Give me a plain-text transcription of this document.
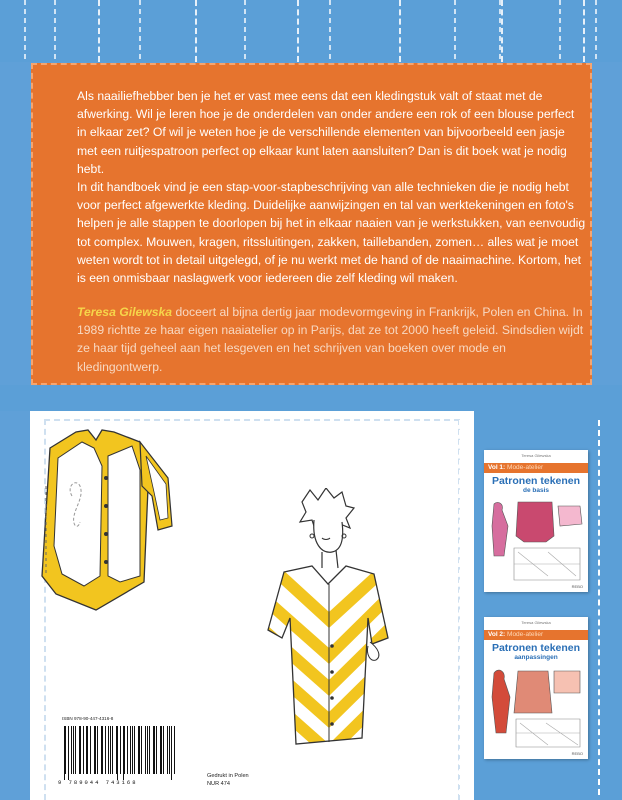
Als naailiefhebber ben je het er vast mee eens dat een kledingstuk valt of staat met de afwerking. Wil je leren hoe je de onderdelen van onder andere een rok of een blouse perfect in elkaar zet? Of wil je weten hoe je de verschillende elementen van bijvoorbeeld een jasje met een ruitjespatroon perfect op elkaar kunt laten aansluiten? Dan is dit boek wat je nodig hebt.
In dit handboek vind je een stap-voor-stapbeschrijving van alle technieken die je nodig hebt voor perfect afgewerkte kleding. Duidelijke aanwijzingen en tal van werktekeningen en foto's helpen je alle stappen te doorlopen bij het in elkaar naaien van je werkstukken, van eenvoudig tot complex. Mouwen, kragen, ritssluitingen, zakken, taillebanden, zomen… alles wat je moet weten wordt tot in detail uitgelegd, of je nu werkt met de hand of de naaimachine. Kortom, het is een onmisbaar naslagwerk voor iedereen die zelf kleding wil maken.
Teresa Gilewska doceert al bijna dertig jaar modevormgeving in Frankrijk, Polen en China. In 1989 richtte ze haar eigen naaiatelier op in Parijs, dat ze tot 2000 heeft geleid. Sindsdien wijdt ze haar tijd geheel aan het lesgeven en het schrijven van boeken over mode en kledingontwerp.
ISBN 978-90-447-4316-8
9 789044 743168
Gedrukt in Polen
NUR 474
Teresa Gilewska
Vol 1: Mode-atelier
Patronen tekenen
de basis
REBO
Teresa Gilewska
Vol 2: Mode-atelier
Patronen tekenen
aanpassingen
REBO
